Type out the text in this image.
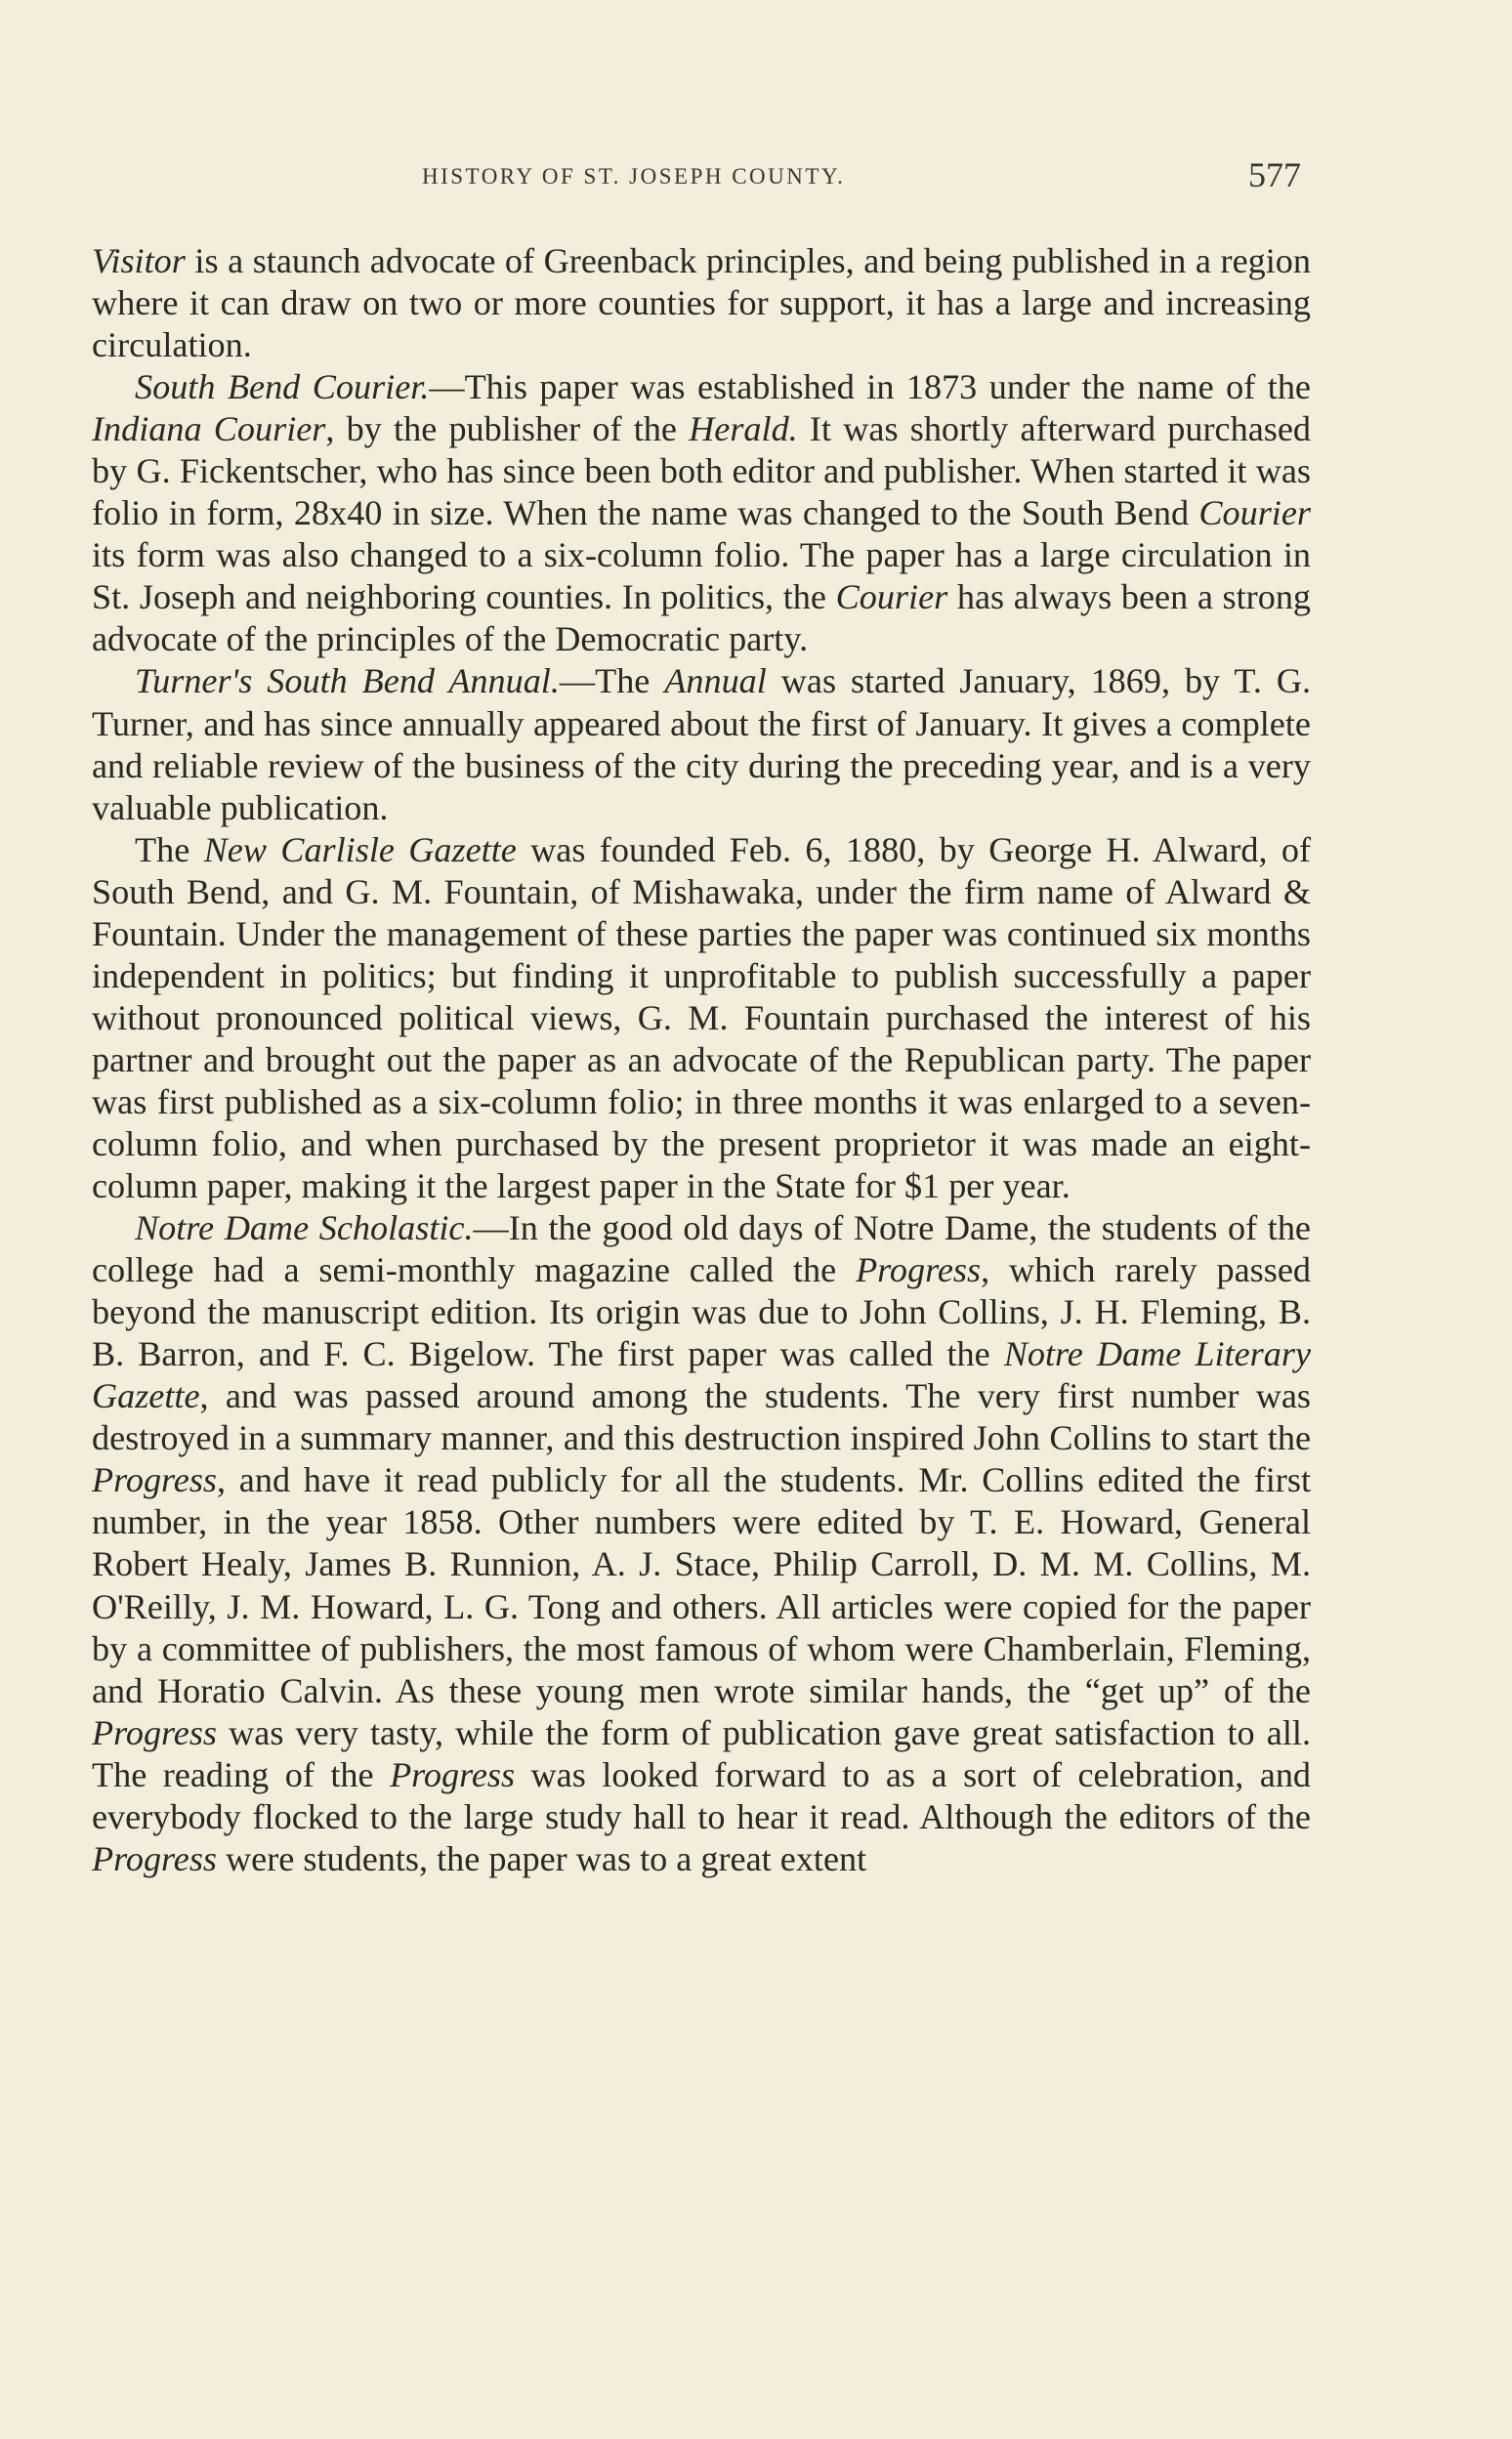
HISTORY OF ST. JOSEPH COUNTY.	577

Visitor is a staunch advocate of Greenback principles, and being published in a region where it can draw on two or more counties for support, it has a large and increasing circulation.

South Bend Courier.—This paper was established in 1873 under the name of the Indiana Courier, by the publisher of the Herald. It was shortly afterward purchased by G. Fickentscher, who has since been both editor and publisher. When started it was folio in form, 28x40 in size. When the name was changed to the South Bend Courier its form was also changed to a six-column folio. The paper has a large circulation in St. Joseph and neighboring counties. In politics, the Courier has always been a strong advocate of the principles of the Democratic party.

Turner's South Bend Annual.—The Annual was started January, 1869, by T. G. Turner, and has since annually appeared about the first of January. It gives a complete and reliable review of the business of the city during the preceding year, and is a very valuable publication.

The New Carlisle Gazette was founded Feb. 6, 1880, by George H. Alward, of South Bend, and G. M. Fountain, of Mishawaka, under the firm name of Alward & Fountain. Under the management of these parties the paper was continued six months independent in politics; but finding it unprofitable to publish successfully a paper without pronounced political views, G. M. Fountain purchased the interest of his partner and brought out the paper as an advocate of the Republican party. The paper was first published as a six-column folio; in three months it was enlarged to a seven-column folio, and when purchased by the present proprietor it was made an eight-column paper, making it the largest paper in the State for $1 per year.

Notre Dame Scholastic.—In the good old days of Notre Dame, the students of the college had a semi-monthly magazine called the Progress, which rarely passed beyond the manuscript edition. Its origin was due to John Collins, J. H. Fleming, B. B. Barron, and F. C. Bigelow. The first paper was called the Notre Dame Literary Gazette, and was passed around among the students. The very first number was destroyed in a summary manner, and this destruction inspired John Collins to start the Progress, and have it read publicly for all the students. Mr. Collins edited the first number, in the year 1858. Other numbers were edited by T. E. Howard, General Robert Healy, James B. Runnion, A. J. Stace, Philip Carroll, D. M. M. Collins, M. O'Reilly, J. M. Howard, L. G. Tong and others. All articles were copied for the paper by a committee of publishers, the most famous of whom were Chamberlain, Fleming, and Horatio Calvin. As these young men wrote similar hands, the “get up” of the Progress was very tasty, while the form of publication gave great satisfaction to all. The reading of the Progress was looked forward to as a sort of celebration, and everybody flocked to the large study hall to hear it read. Although the editors of the Progress were students, the paper was to a great extent
